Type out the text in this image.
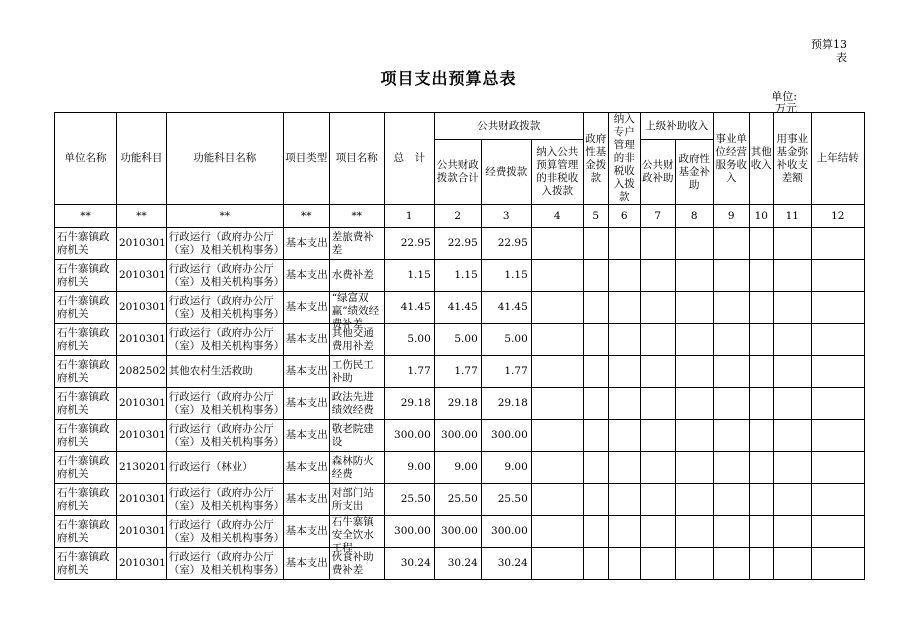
预算13
表
项目支出预算总表
单位:
万元
单位名称	功能科目	功能科目名称	项目类型	项目名称	总　计	公共财政拨款			政府性基金拨款	纳入专户管理的非税收入拨款	上级补助收入		事业单位经营服务收入	其他收入	用事业基金弥补收支差额	上年结转
						公共财政拨款合计	经费拨款	纳入公共预算管理的非税收入拨款			公共财政补助	政府性基金补助				
**	**	**	**	**	1	2	3	4	5	6	7	8	9	10	11	12

石牛寨镇政府机关	2010301	行政运行（政府办公厅（室）及相关机构事务）	基本支出	差旅费补差	22.95	22.95	22.95									

石牛寨镇政府机关	2010301	行政运行（政府办公厅（室）及相关机构事务）	基本支出	水费补差	1.15	1.15	1.15									

石牛寨镇政府机关	2010301	行政运行（政府办公厅（室）及相关机构事务）	基本支出	“绿富双赢”绩效经费补差	41.45	41.45	41.45									

石牛寨镇政府机关	2010301	行政运行（政府办公厅（室）及相关机构事务）	基本支出	其他交通费用补差	5.00	5.00	5.00									

石牛寨镇政府机关	2082502	其他农村生活救助	基本支出	工伤民工补助	1.77	1.77	1.77									

石牛寨镇政府机关	2010301	行政运行（政府办公厅（室）及相关机构事务）	基本支出	政法先进绩效经费	29.18	29.18	29.18									

石牛寨镇政府机关	2010301	行政运行（政府办公厅（室）及相关机构事务）	基本支出	敬老院建设	300.00	300.00	300.00									

石牛寨镇政府机关	2130201	行政运行（林业）	基本支出	森林防火经费	9.00	9.00	9.00									

石牛寨镇政府机关	2010301	行政运行（政府办公厅（室）及相关机构事务）	基本支出	对部门站所支出	25.50	25.50	25.50									

石牛寨镇政府机关	2010301	行政运行（政府办公厅（室）及相关机构事务）	基本支出	石牛寨镇安全饮水工程	300.00	300.00	300.00									

石牛寨镇政府机关	2010301	行政运行（政府办公厅（室）及相关机构事务）	基本支出	伙食补助费补差	30.24	30.24	30.24									
